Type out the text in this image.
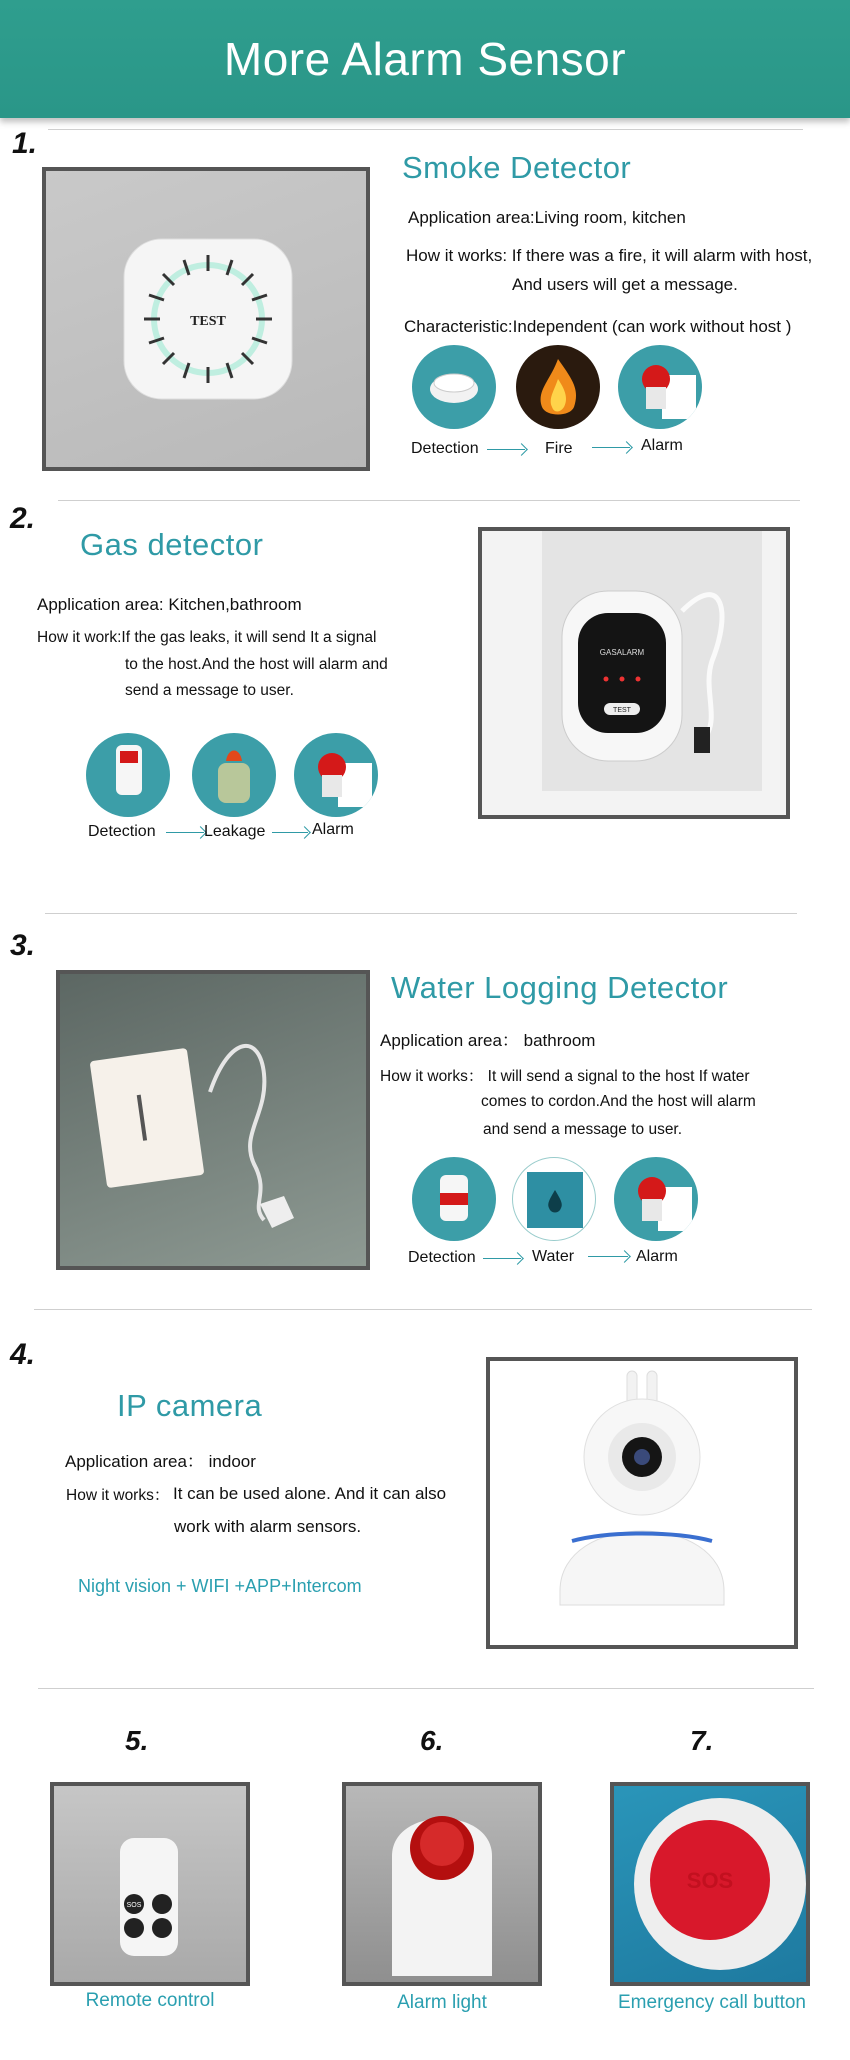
More Alarm Sensor
1.
TEST
Smoke Detector
Application area:Living room, kitchen
How it works: If there was a fire, it will alarm with host,
And users will get a message.
Characteristic:Independent (can work without host )
Detection	Fire	Alarm
2.
Gas detector
Application area: Kitchen,bathroom
How it work:If the gas leaks, it will send It a signal
to the host.And the host will alarm and
send a message to user.
Detection	Leakage	Alarm
GASALARM
TEST
3.
Water Logging Detector
Application area： bathroom
How it works： It will send a signal to the host If water
comes to cordon.And the host will alarm
and send a message to user.
Detection	Water	Alarm
4.
IP camera
Application area： indoor
How it works： It can be used alone. And it can also
work with alarm sensors.
Night vision + WIFI +APP+Intercom
5.	6.	7.
SOS
Remote control	Alarm light
SOS
Emergency call button
